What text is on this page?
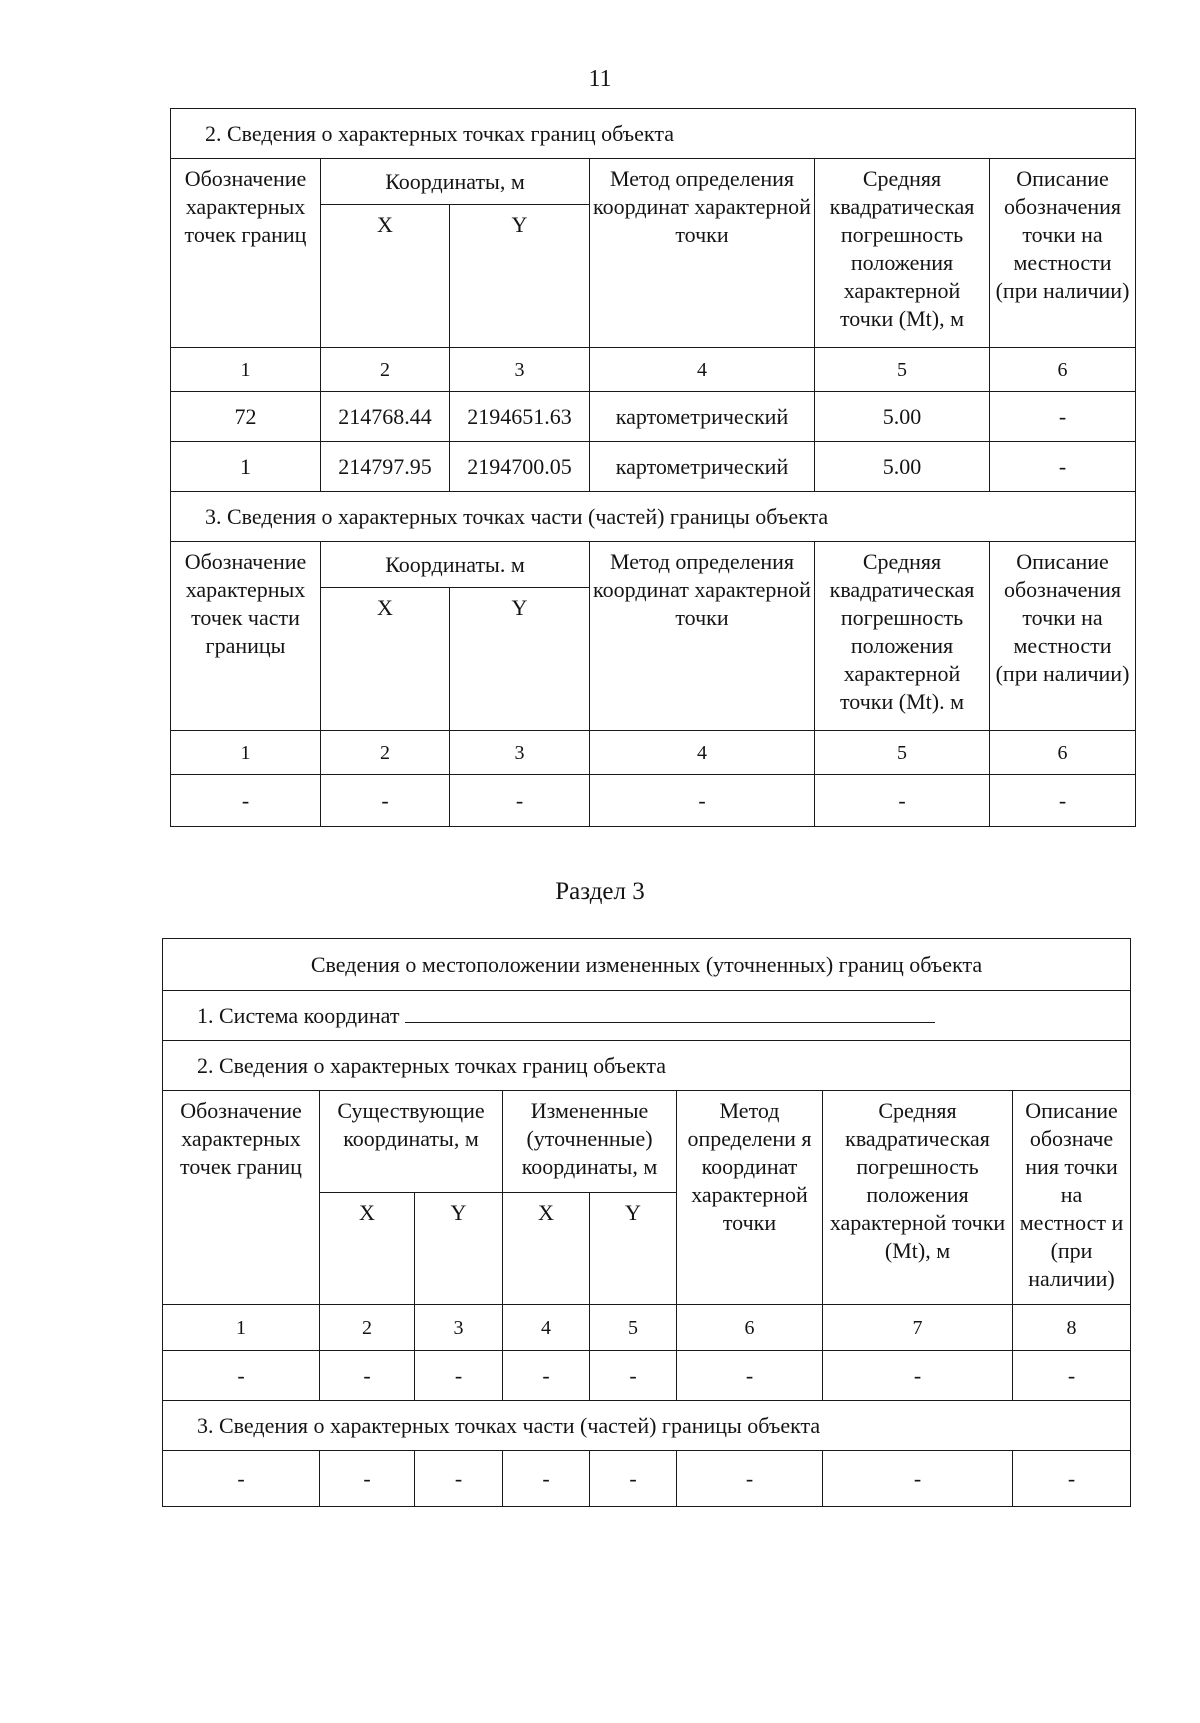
11
2. Сведения о характерных точках границ объекта					
Обозначение характерных точек границ	Координаты, м		Метод определения координат характерной точки	Средняя квадратическая погрешность положения характерной точки (Mt), м	Описание обозначения точки на местности (при наличии)
	X	Y			
1	2	3	4	5	6
72	214768.44	2194651.63	картометрический	5.00	-
1	214797.95	2194700.05	картометрический	5.00	-
3. Сведения о характерных точках части (частей) границы объекта					
Обозначение характерных точек части границы	Координаты. м		Метод определения координат характерной точки	Средняя квадратическая погрешность положения характерной точки (Mt). м	Описание обозначения точки на местности (при наличии)
	X	Y			
1	2	3	4	5	6
-	-	-	-	-	-
Раздел 3
Сведения о местоположении измененных (уточненных) границ объекта							
1. Система координат							
2. Сведения о характерных точках границ объекта							
Обозначение характерных точек границ	Существующие координаты, м		Измененные (уточненные) координаты, м		Метод определени я координат характерной точки	Средняя квадратическая погрешность положения характерной точки (Mt), м	Описание обозначе ния точки на местност и (при наличии)
	X	Y	X	Y			
1	2	3	4	5	6	7	8
-	-	-	-	-	-	-	-
3. Сведения о характерных точках части (частей) границы объекта							
-	-	-	-	-	-	-	-
